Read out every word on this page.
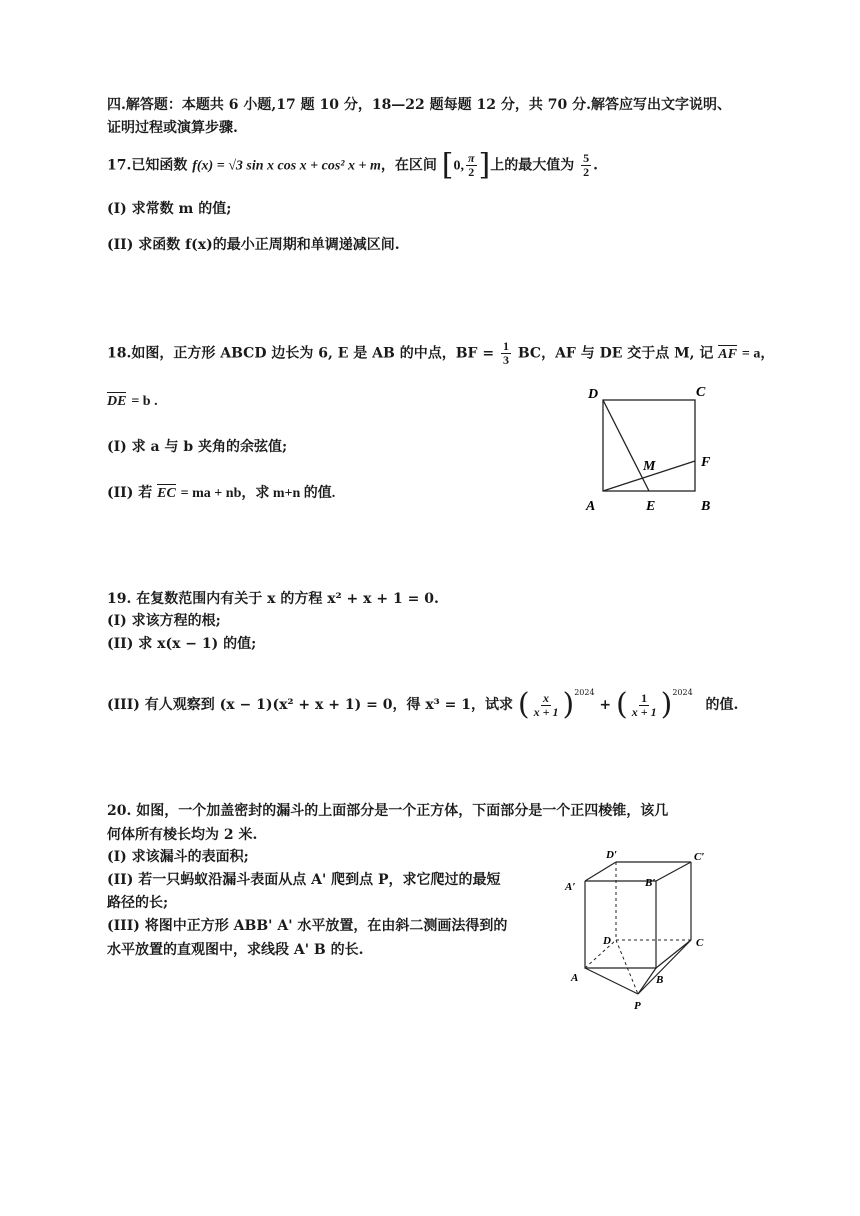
四.解答题：本题共 6 小题,17 题 10 分，18—22 题每题 12 分，共 70 分.解答应写出文字说明、
证明过程或演算步骤.
17.已知函数 f(x) = √3 sin x cos x + cos² x + m，在区间 [0, $\frac{\pi}{2}$ ]上的最大值为 $\frac{5}{2}$ .
(I) 求常数 m 的值;
(II) 求函数 f(x)的最小正周期和单调递减区间.
18.如图，正方形 ABCD 边长为 6, E 是 AB 的中点，BF = $\frac{1}{3}$ BC，AF 与 DE 交于点 M, 记 AF = a，
DE = b .
(I) 求 a 与 b 夹角的余弦值;
(II) 若 EC = ma + nb，求 m+n 的值.
D	C
A	E	B
F
M
19. 在复数范围内有关于 x 的方程 x² + x + 1 = 0.
(I) 求该方程的根;
(II) 求 x(x − 1) 的值;
(III) 有人观察到 (x − 1)(x² + x + 1) = 0，得 x³ = 1，试求 ( $\frac{x}{x + 1} )^{2024}$ + ( $\frac{1}{x + 1} )^{2024}$ 的值.
20. 如图，一个加盖密封的漏斗的上面部分是一个正方体，下面部分是一个正四棱锥，该几
何体所有棱长均为 2 米.
(I) 求该漏斗的表面积;
(II) 若一只蚂蚁沿漏斗表面从点 A' 爬到点 P，求它爬过的最短
路径的长;
(III) 将图中正方形 ABB' A' 水平放置，在由斜二测画法得到的
水平放置的直观图中，求线段 A' B 的长.
D′	C′
A′	B′
D	C
A	B
P
